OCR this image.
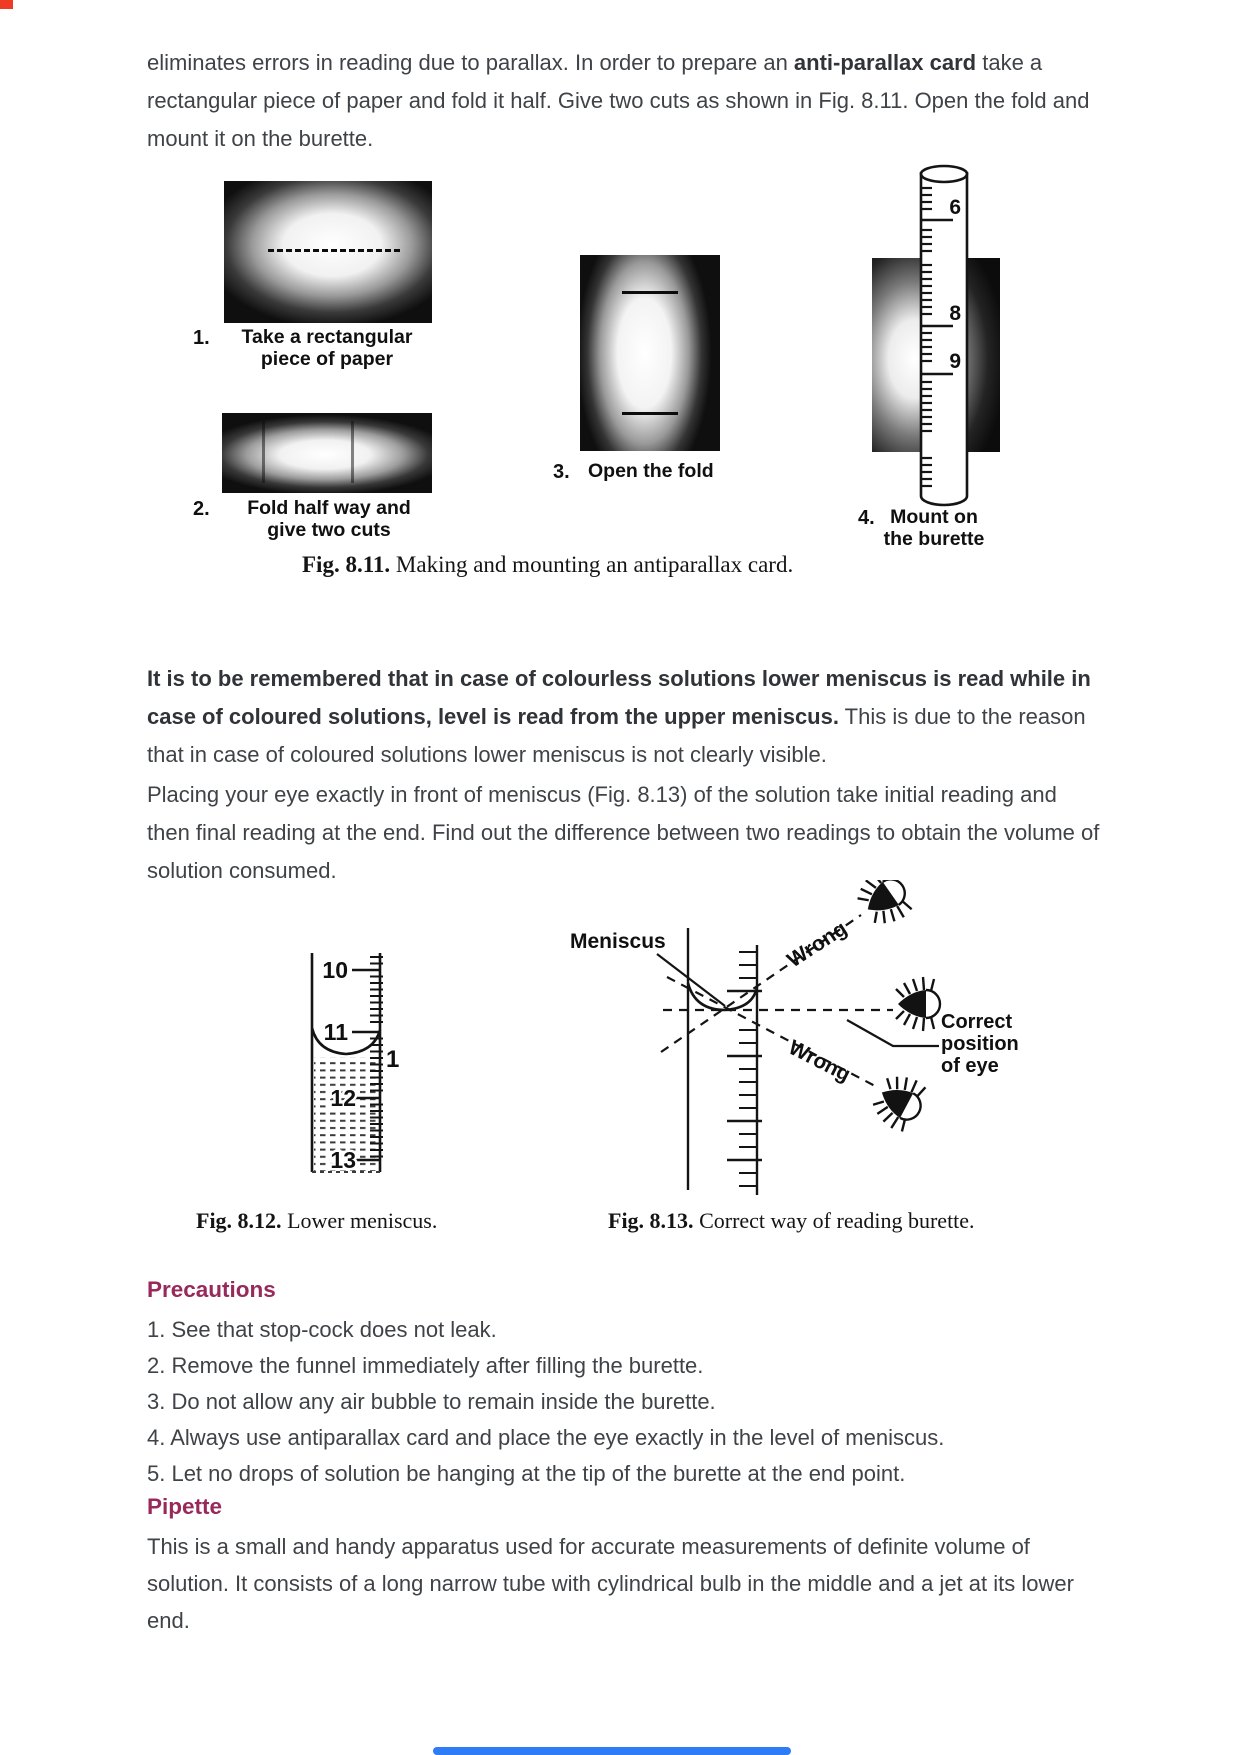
eliminates errors in reading due to parallax. In order to prepare an anti-parallax card take a rectangular piece of paper and fold it half. Give two cuts as shown in Fig. 8.11. Open the fold and mount it on the burette.
1. Take a rectangular
piece of paper
2. Fold half way and
give two cuts
3. Open the fold
6
8
9
4. Mount on
the burette
Fig. 8.11. Making and mounting an antiparallax card.
It is to be remembered that in case of colourless solutions lower meniscus is read while in case of coloured solutions, level is read from the upper meniscus. This is due to the reason that in case of coloured solutions lower meniscus is not clearly visible.
Placing your eye exactly in front of meniscus (Fig. 8.13) of the solution take initial reading and then final reading at the end. Find out the difference between two readings to obtain the volume of solution consumed.
10
11
12
13
1
Fig. 8.12. Lower meniscus.
Meniscus	Wrong
Wrong
Correct
position
of eye
Fig. 8.13. Correct way of reading burette.
Precautions
1. See that stop-cock does not leak.
2. Remove the funnel immediately after filling the burette.
3. Do not allow any air bubble to remain inside the burette.
4. Always use antiparallax card and place the eye exactly in the level of meniscus.
5. Let no drops of solution be hanging at the tip of the burette at the end point.
Pipette
This is a small and handy apparatus used for accurate measurements of definite volume of solution. It consists of a long narrow tube with cylindrical bulb in the middle and a jet at its lower end.
